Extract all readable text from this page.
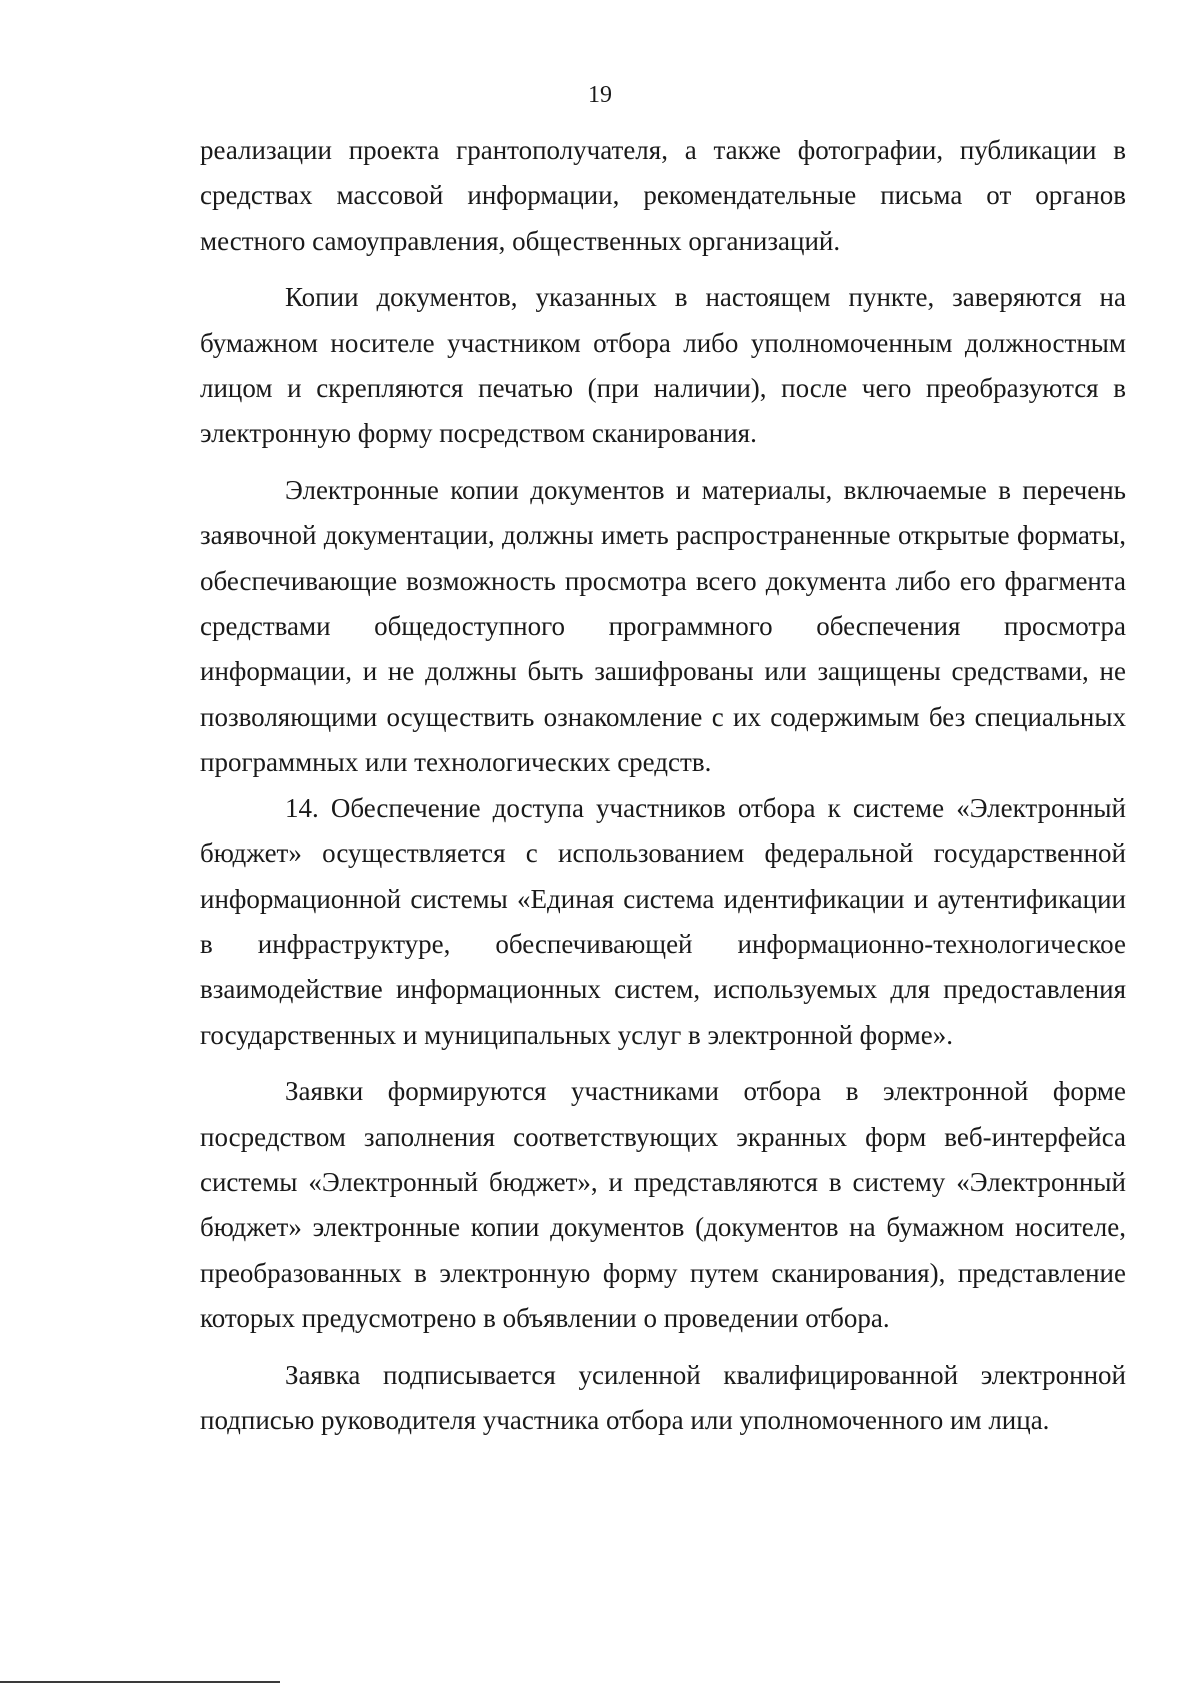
19

реализации проекта грантополучателя, а также фотографии, публикации в средствах массовой информации, рекомендательные письма от органов местного самоуправления, общественных организаций.

Копии документов, указанных в настоящем пункте, заверяются на бумажном носителе участником отбора либо уполномоченным должностным лицом и скрепляются печатью (при наличии), после чего преобразуются в электронную форму посредством сканирования.

Электронные копии документов и материалы, включаемые в перечень заявочной документации, должны иметь распространенные открытые форматы, обеспечивающие возможность просмотра всего документа либо его фрагмента средствами общедоступного программного обеспечения просмотра информации, и не должны быть зашифрованы или защищены средствами, не позволяющими осуществить ознакомление с их содержимым без специальных программных или технологических средств.

14. Обеспечение доступа участников отбора к системе «Электронный бюджет» осуществляется с использованием федеральной государственной информационной системы «Единая система идентификации и аутентификации в инфраструктуре, обеспечивающей информационно-технологическое взаимодействие информационных систем, используемых для предоставления государственных и муниципальных услуг в электронной форме».

Заявки формируются участниками отбора в электронной форме посредством заполнения соответствующих экранных форм веб-интерфейса системы «Электронный бюджет», и представляются в систему «Электронный бюджет» электронные копии документов (документов на бумажном носителе, преобразованных в электронную форму путем сканирования), представление которых предусмотрено в объявлении о проведении отбора.

Заявка подписывается усиленной квалифицированной электронной подписью руководителя участника отбора или уполномоченного им лица.
